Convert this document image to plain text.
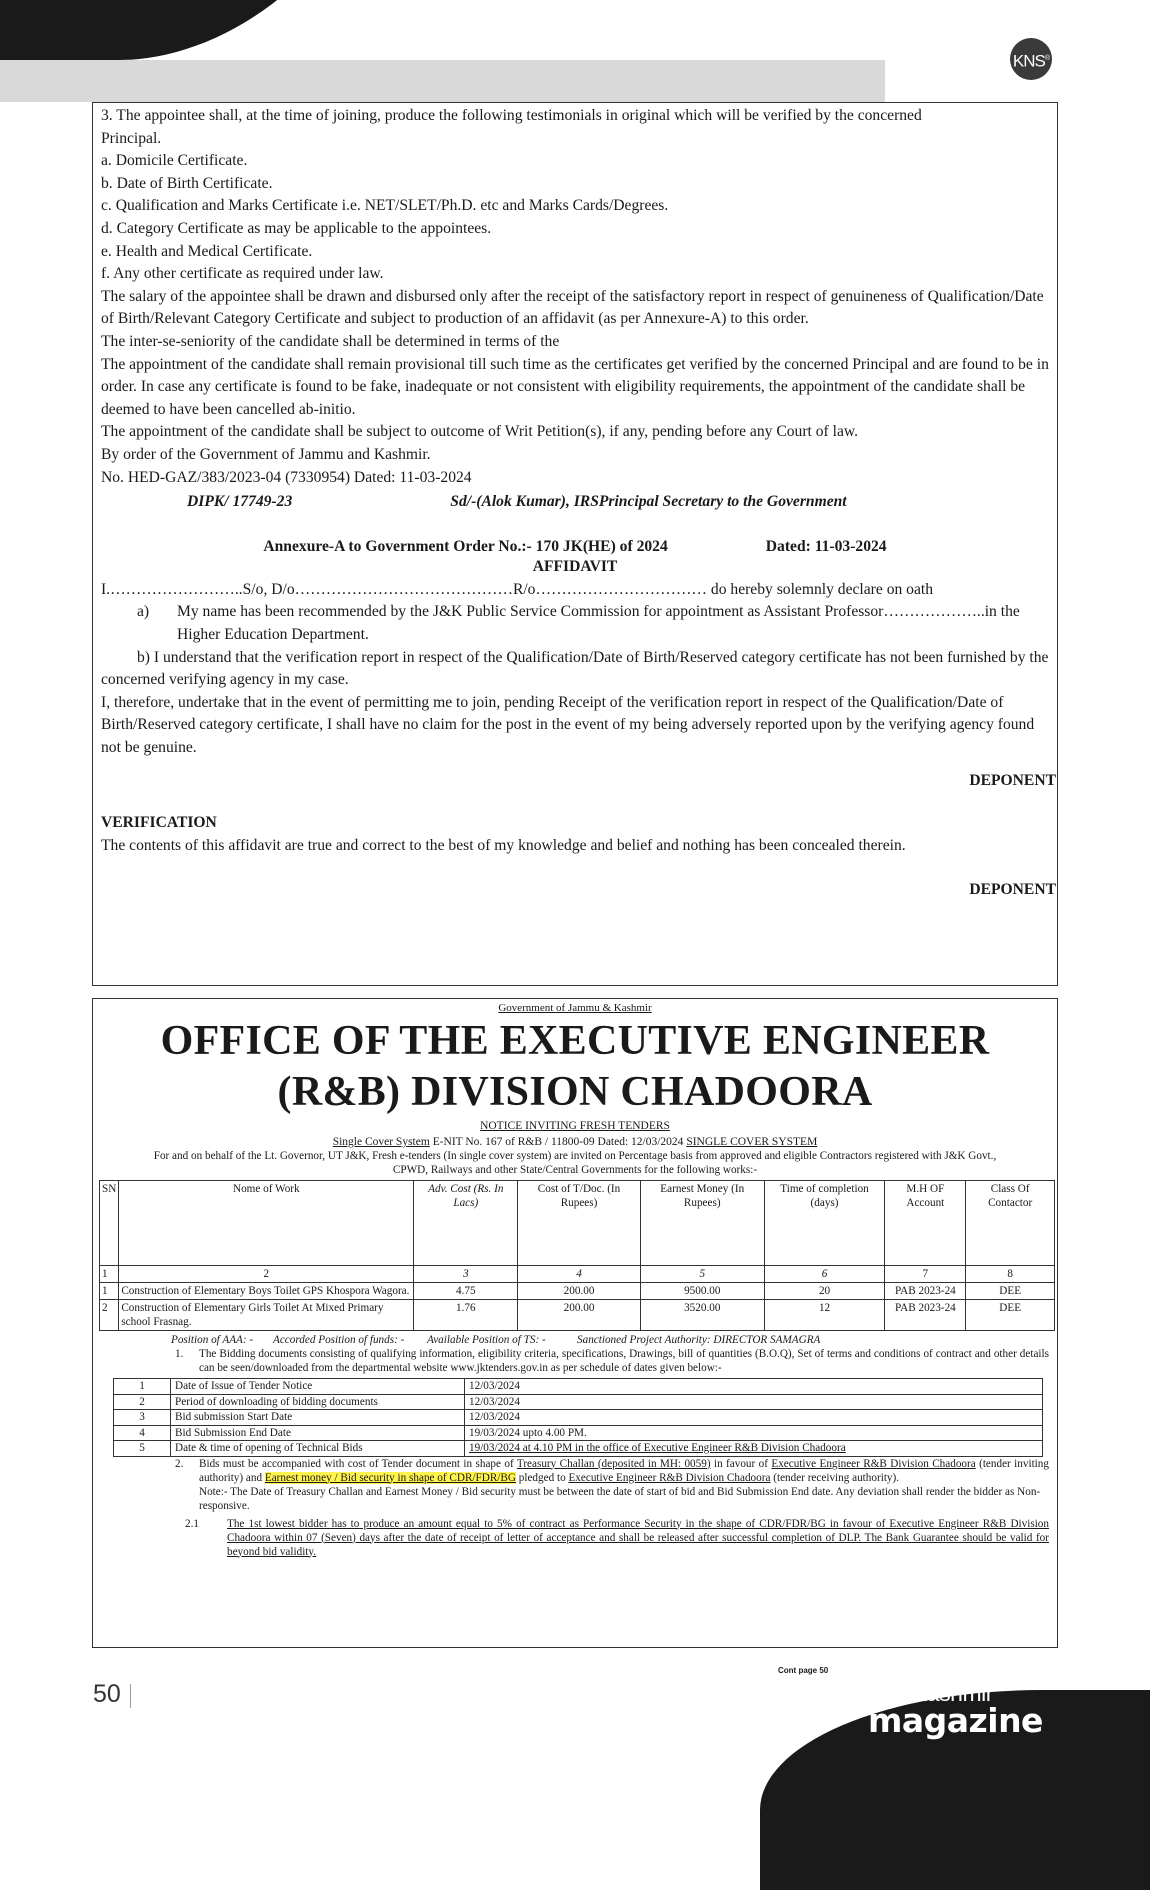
KNS®

3. The appointee shall, at the time of joining, produce the following testimonials in original which will be verified by the concerned

Principal.

a. Domicile Certificate.

b. Date of Birth Certificate.

c. Qualification and Marks Certificate i.e. NET/SLET/Ph.D. etc and Marks Cards/Degrees.

d. Category Certificate as may be applicable to the appointees.

e. Health and Medical Certificate.

f. Any other certificate as required under law.

The salary of the appointee shall be drawn and disbursed only after the receipt of the satisfactory report in respect of genuineness of Qualification/Date of Birth/Relevant Category Certificate and subject to production of an affidavit (as per Annexure-A) to this order.

The inter-se-seniority of the candidate shall be determined in terms of the

The appointment of the candidate shall remain provisional till such time as the certificates get verified by the concerned Principal and are found to be in order. In case any certificate is found to be fake, inadequate or not consistent with eligibility requirements, the appointment of the candidate shall be deemed to have been cancelled ab-initio.

The appointment of the candidate shall be subject to outcome of Writ Petition(s), if any, pending before any Court of law.

By order of the Government of Jammu and Kashmir.

No. HED-GAZ/383/2023-04 (7330954) Dated: 11-03-2024

DIPK/ 17749-23	Sd/-(Alok Kumar), IRSPrincipal Secretary to the Government
Annexure-A to Government Order No.:- 170 JK(HE) of 2024	Dated: 11-03-2024
AFFIDAVIT

I.……………………..S/o, D/o……………………………………R/o…………………………… do hereby solemnly declare on oath

a)	My name has been recommended by the J&K Public Service Commission for appointment as Assistant Professor………………..in the Higher Education Department.

b) I understand that the verification report in respect of the Qualification/Date of Birth/Reserved category certificate has not been furnished by the concerned verifying agency in my case.

I, therefore, undertake that in the event of permitting me to join, pending Receipt of the verification report in respect of the Qualification/Date of Birth/Reserved category certificate, I shall have no claim for the post in the event of my being adversely reported upon by the verifying agency found not be genuine.

DEPONENT
VERIFICATION

The contents of this affidavit are true and correct to the best of my knowledge and belief and nothing has been concealed therein.

DEPONENT
Government of Jammu & Kashmir
OFFICE OF THE EXECUTIVE ENGINEER
(R&B) DIVISION CHADOORA
NOTICE INVITING FRESH TENDERS
Single Cover System E-NIT No. 167 of R&B / 11800-09 Dated: 12/03/2024 SINGLE COVER SYSTEM
For and on behalf of the Lt. Governor, UT J&K, Fresh e-tenders (In single cover system) are invited on Percentage basis from approved and eligible Contractors registered with J&K Govt., CPWD, Railways and other State/Central Governments for the following works:-
SN	Nome of Work	Adv. Cost (Rs. In Lacs)	Cost of T/Doc. (In Rupees)	Earnest Money (In Rupees)	Time of completion (days)	M.H OF Account	Class Of Contactor
1	2	3	4	5	6	7	8
1	Construction of Elementary Boys Toilet GPS Khospora Wagora.	4.75	200.00	9500.00	20	PAB 2023-24	DEE
2	Construction of Elementary Girls Toilet At Mixed Primary school Frasnag.	1.76	200.00	3520.00	12	PAB 2023-24	DEE
Position of AAA: -	Accorded Position of funds: -	Available Position of TS: -	Sanctioned Project Authority: DIRECTOR SAMAGRA
1.	The Bidding documents consisting of qualifying information, eligibility criteria, specifications, Drawings, bill of quantities (B.O.Q), Set of terms and conditions of contract and other details can be seen/downloaded from the departmental website www.jktenders.gov.in as per schedule of dates given below:-
1	Date of Issue of Tender Notice	12/03/2024
2	Period of downloading of bidding documents	12/03/2024
3	Bid submission Start Date	12/03/2024
4	Bid Submission End Date	19/03/2024 upto 4.00 PM.
5	Date & time of opening of Technical Bids	19/03/2024 at 4.10 PM in the office of Executive Engineer R&B Division Chadoora
2.	Bids must be accompanied with cost of Tender document in shape of Treasury Challan (deposited in MH: 0059) in favour of Executive Engineer R&B Division Chadoora (tender inviting authority) and Earnest money / Bid security in shape of CDR/FDR/BG pledged to Executive Engineer R&B Division Chadoora (tender receiving authority).
Note:- The Date of Treasury Challan and Earnest Money / Bid security must be between the date of start of bid and Bid Submission End date. Any deviation shall render the bidder as Non-responsive.
2.1	The 1st lowest bidder has to produce an amount equal to 5% of contract as Performance Security in the shape of CDR/FDR/BG in favour of Executive Engineer R&B Division Chadoora within 07 (Seven) days after the date of receipt of letter of acceptance and shall be released after successful completion of DLP. The Bank Guarantee should be valid for beyond bid validity.
50
Cont page 50
The Kashmir
magazine
